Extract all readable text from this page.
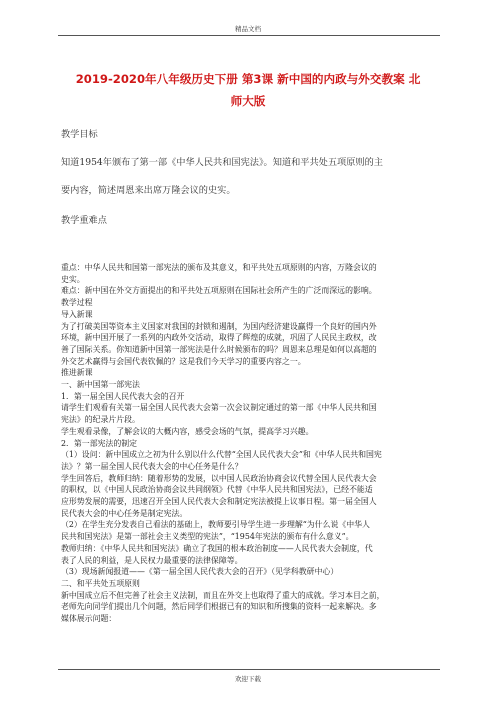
精品文档
2019-2020年八年级历史下册 第3课 新中国的内政与外交教案 北
师大版
教学目标
知道1954年颁布了第一部《中华人民共和国宪法》。知道和平共处五项原则的主
要内容，简述周恩来出席万隆会议的史实。
教学重难点

重点：中华人民共和国第一部宪法的颁布及其意义，和平共处五项原则的内容，万隆会议的

史实。

难点：新中国在外交方面提出的和平共处五项原则在国际社会所产生的广泛而深远的影响。

教学过程

导入新课

为了打破美国等资本主义国家对我国的封锁和遏制，为国内经济建设赢得一个良好的国内外

环境，新中国开展了一系列的内政外交活动，取得了辉煌的成就，巩固了人民民主政权，改

善了国际关系。你知道新中国第一部宪法是什么时候颁布的吗？周恩来总理是如何以高超的

外交艺术赢得与会国代表钦佩的？这是我们今天学习的重要内容之一。

推进新课

一、新中国第一部宪法

1．第一届全国人民代表大会的召开

请学生们观看有关第一届全国人民代表大会第一次会议制定通过的第一部《中华人民共和国

宪法》的纪录片片段。

学生观看录像，了解会议的大概内容，感受会场的气氛，提高学习兴趣。

2．第一部宪法的制定

（1）设问：新中国成立之初为什么别以什么代替“全国人民代表大会”和《中华人民共和国宪

法》？第一届全国人民代表大会的中心任务是什么？

学生回答后，教师归纳：随着形势的发展，以中国人民政治协商会议代替全国人民代表大会

的职权，以《中国人民政治协商会议共同纲领》代替《中华人民共和国宪法》，已经不能适

应形势发展的需要，迅速召开全国人民代表大会和制定宪法被提上议事日程。第一届全国人

民代表大会的中心任务是制定宪法。

（2）在学生充分发表自己看法的基础上，教师要引导学生进一步理解“为什么说《中华人

民共和国宪法》是第一部社会主义类型的宪法”，“1954年宪法的颁布有什么意义”。

教师归纳：《中华人民共和国宪法》确立了我国的根本政治制度——人民代表大会制度，代

表了人民的利益，是人民权力最重要的法律保障等。

（3）现场新闻报道——《第一届全国人民代表大会的召开》（见学科教研中心）

二、和平共处五项原则

新中国成立后不但完善了社会主义法制，而且在外交上也取得了重大的成就。学习本目之前，

老师先向同学们提出几个问题，然后同学们根据已有的知识和所搜集的资料一起来解决。多

媒体展示问题：

欢迎下载
